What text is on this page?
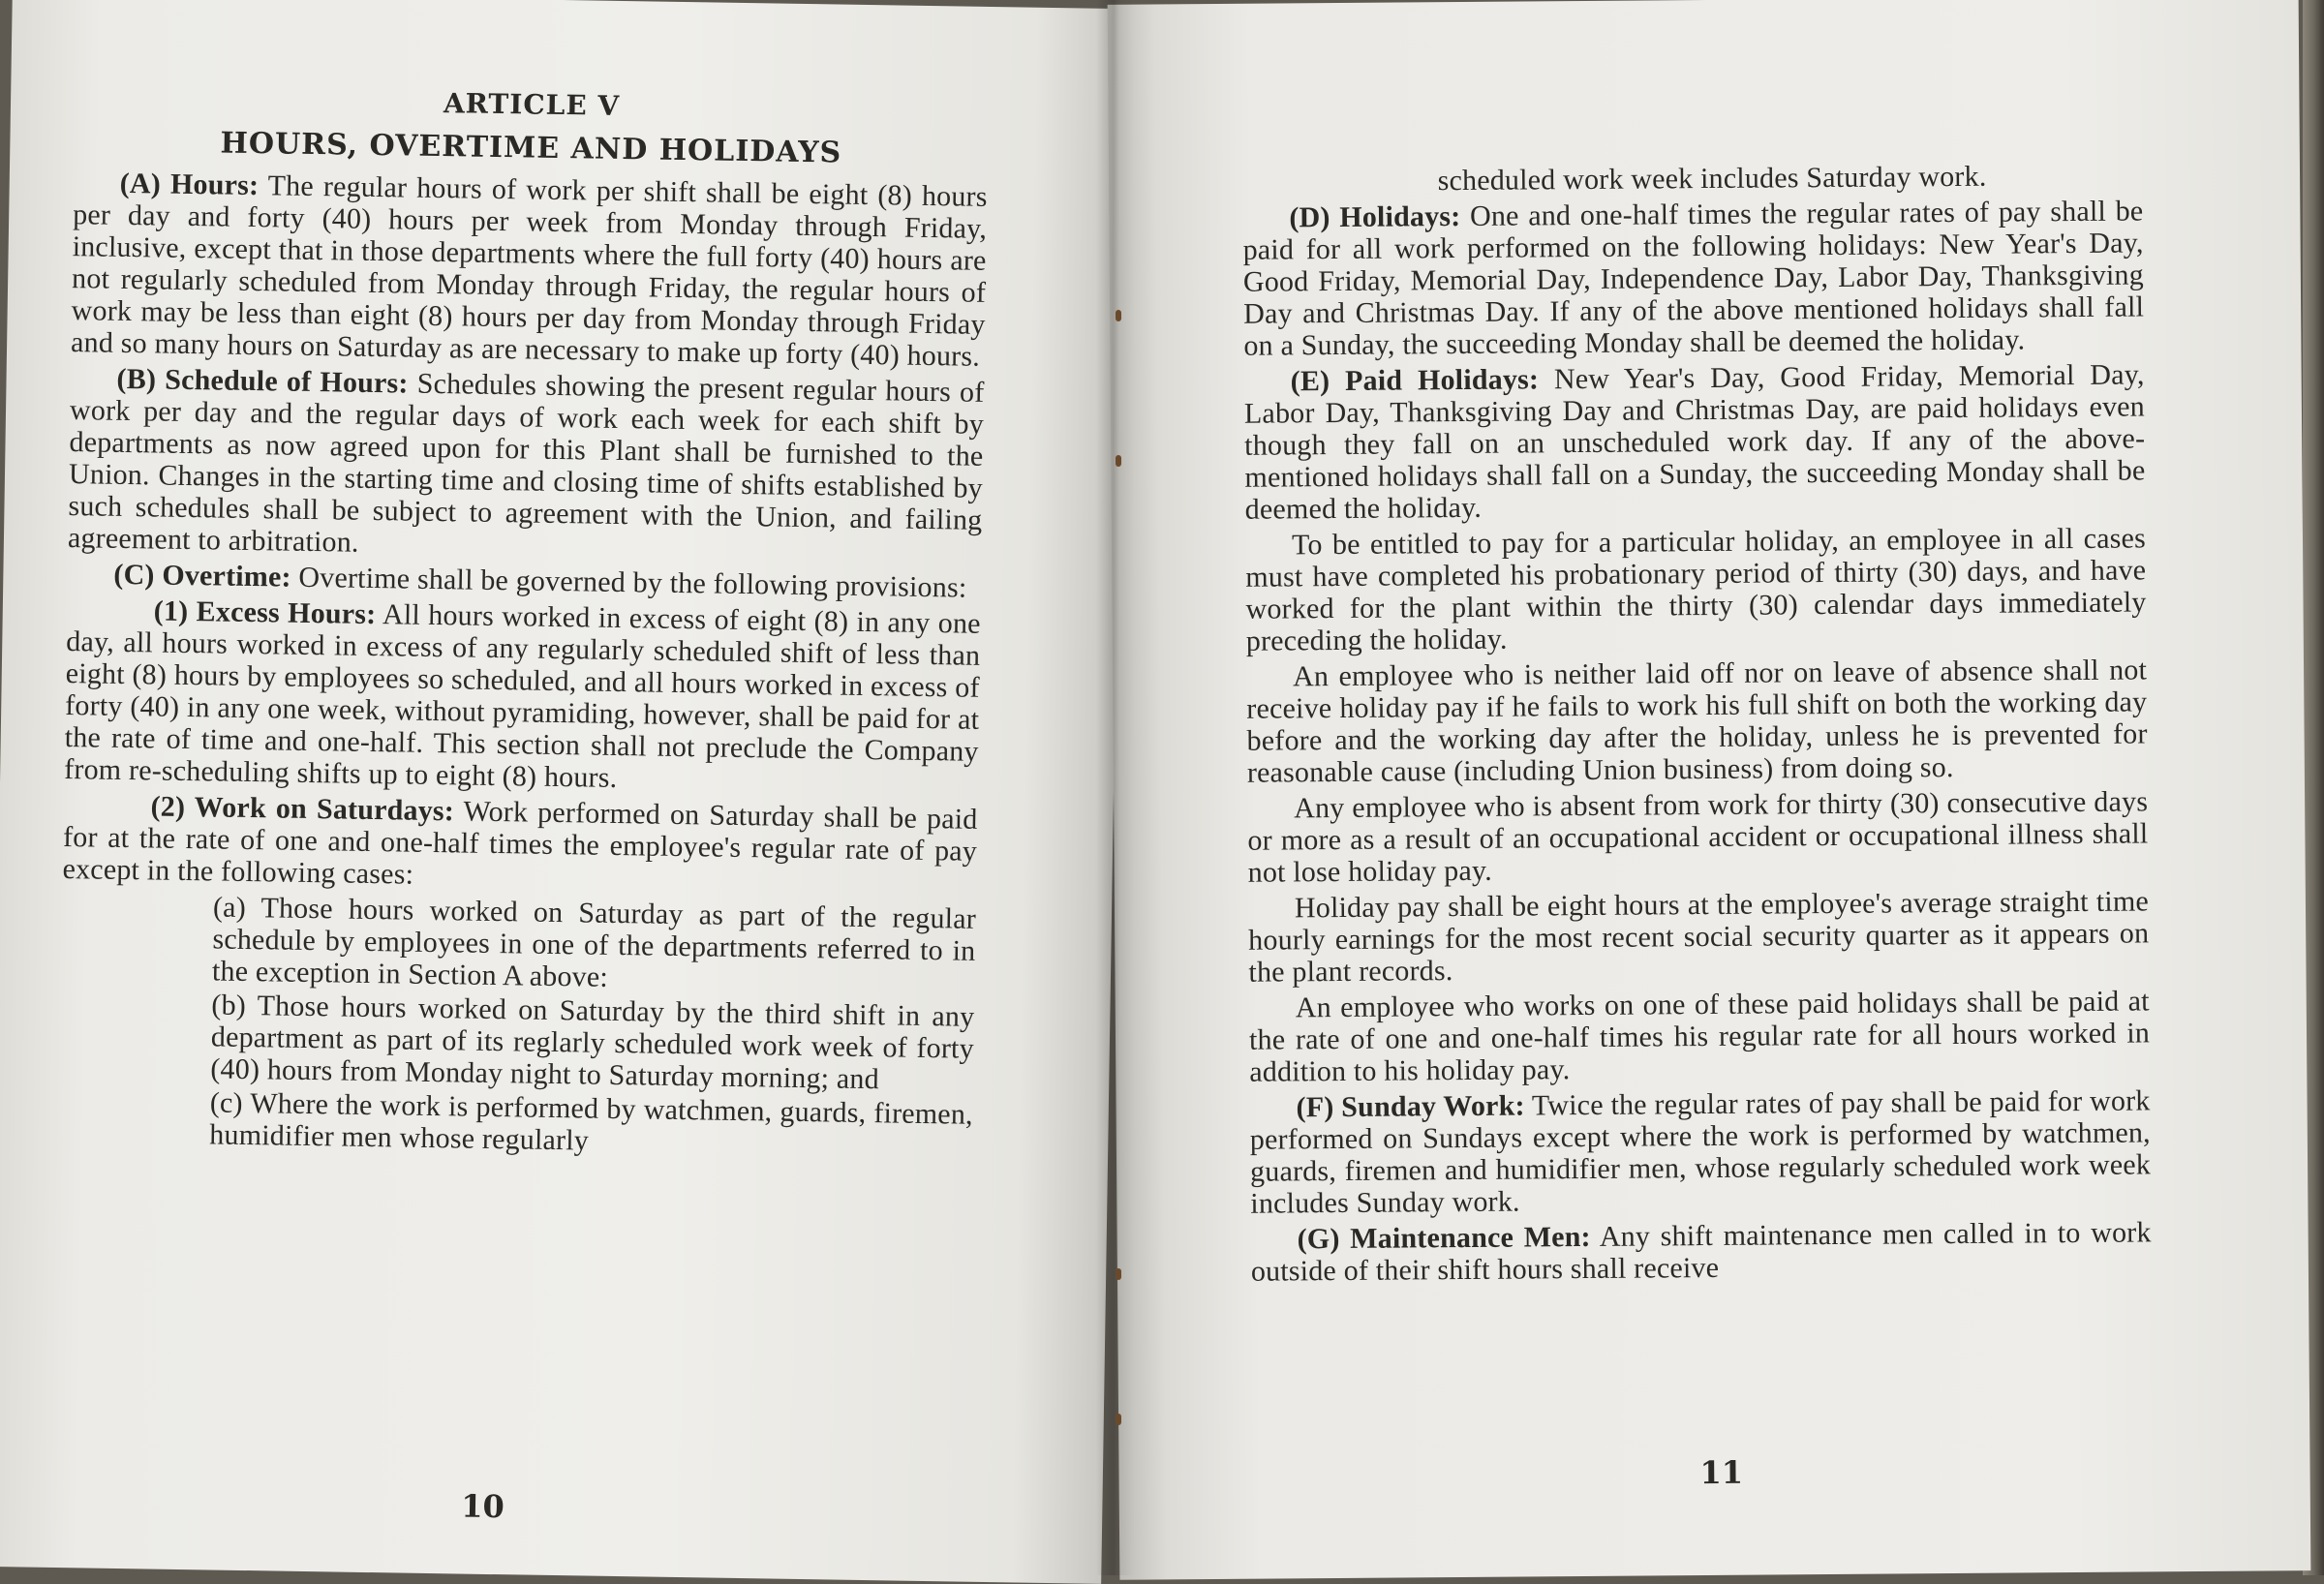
ARTICLE V
HOURS, OVERTIME AND HOLIDAYS

(A) Hours: The regular hours of work per shift shall be eight (8) hours per day and forty (40) hours per week from Monday through Friday, inclusive, except that in those departments where the full forty (40) hours are not regularly scheduled from Monday through Friday, the regular hours of work may be less than eight (8) hours per day from Monday through Friday and so many hours on Saturday as are necessary to make up forty (40) hours.

(B) Schedule of Hours: Schedules showing the present regular hours of work per day and the regular days of work each week for each shift by departments as now agreed upon for this Plant shall be furnished to the Union. Changes in the starting time and closing time of shifts established by such schedules shall be subject to agreement with the Union, and failing agreement to arbitration.

(C) Overtime: Overtime shall be governed by the following provisions:

(1) Excess Hours: All hours worked in excess of eight (8) in any one day, all hours worked in excess of any regularly scheduled shift of less than eight (8) hours by employees so scheduled, and all hours worked in excess of forty (40) in any one week, without pyramiding, however, shall be paid for at the rate of time and one-half. This section shall not preclude the Company from re-scheduling shifts up to eight (8) hours.

(2) Work on Saturdays: Work performed on Saturday shall be paid for at the rate of one and one-half times the employee's regular rate of pay except in the following cases:

(a) Those hours worked on Saturday as part of the regular schedule by employees in one of the departments referred to in the exception in Section A above:

(b) Those hours worked on Saturday by the third shift in any department as part of its reglarly scheduled work week of forty (40) hours from Monday night to Saturday morning; and

(c) Where the work is performed by watchmen, guards, firemen, humidifier men whose regularly

10

scheduled work week includes Saturday work.

(D) Holidays: One and one-half times the regular rates of pay shall be paid for all work performed on the following holidays: New Year's Day, Good Friday, Memorial Day, Independence Day, Labor Day, Thanksgiving Day and Christmas Day. If any of the above mentioned holidays shall fall on a Sunday, the succeeding Monday shall be deemed the holiday.

(E) Paid Holidays: New Year's Day, Good Friday, Memorial Day, Labor Day, Thanksgiving Day and Christmas Day, are paid holidays even though they fall on an unscheduled work day. If any of the above-mentioned holidays shall fall on a Sunday, the succeeding Monday shall be deemed the holiday.

To be entitled to pay for a particular holiday, an employee in all cases must have completed his probationary period of thirty (30) days, and have worked for the plant within the thirty (30) calendar days immediately preceding the holiday.

An employee who is neither laid off nor on leave of absence shall not receive holiday pay if he fails to work his full shift on both the working day before and the working day after the holiday, unless he is prevented for reasonable cause (including Union business) from doing so.

Any employee who is absent from work for thirty (30) consecutive days or more as a result of an occupational accident or occupational illness shall not lose holiday pay.

Holiday pay shall be eight hours at the employee's average straight time hourly earnings for the most recent social security quarter as it appears on the plant records.

An employee who works on one of these paid holidays shall be paid at the rate of one and one-half times his regular rate for all hours worked in addition to his holiday pay.

(F) Sunday Work: Twice the regular rates of pay shall be paid for work performed on Sundays except where the work is performed by watchmen, guards, firemen and humidifier men, whose regularly scheduled work week includes Sunday work.

(G) Maintenance Men: Any shift maintenance men called in to work outside of their shift hours shall receive

11
